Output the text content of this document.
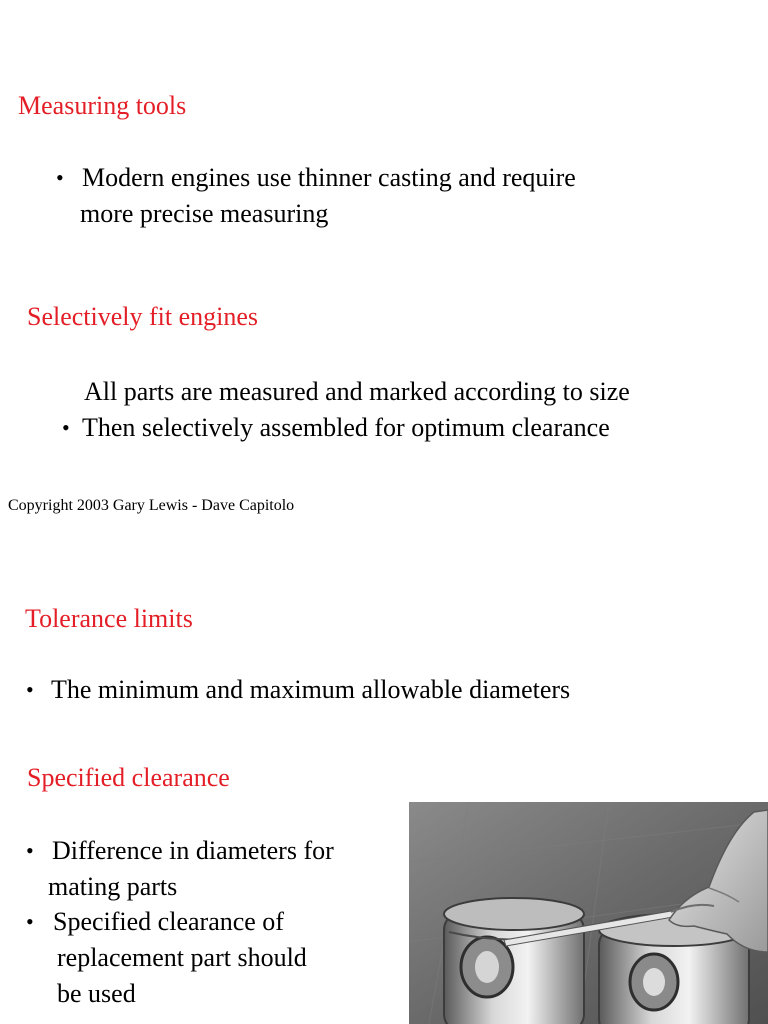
Measuring tools
• Modern engines use thinner casting and require
more precise measuring
Selectively fit engines
All parts are measured and marked according to size
• Then selectively assembled for optimum clearance
Copyright 2003 Gary Lewis - Dave Capitolo
Tolerance limits
• The minimum and maximum allowable diameters
Specified clearance
• Difference in diameters for
mating parts
• Specified clearance of
replacement part should
be used
